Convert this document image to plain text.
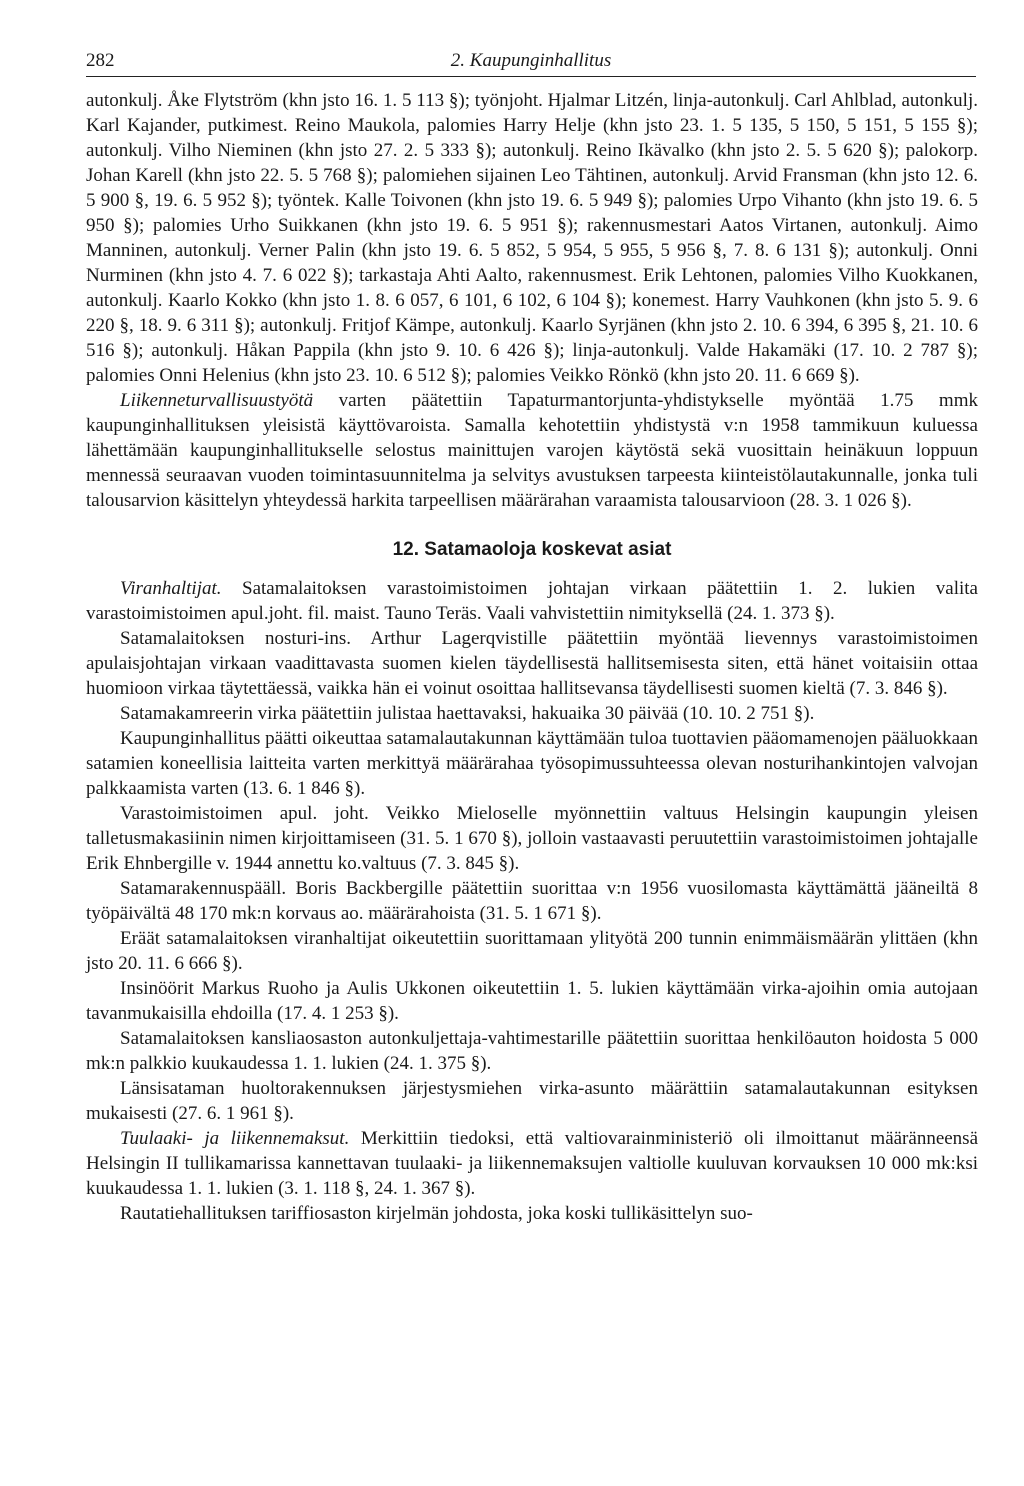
282	2. Kaupunginhallitus

autonkulj. Åke Flytström (khn jsto 16. 1. 5 113 §); työnjoht. Hjalmar Litzén, linja-autonkulj. Carl Ahlblad, autonkulj. Karl Kajander, putkimest. Reino Maukola, palomies Harry Helje (khn jsto 23. 1. 5 135, 5 150, 5 151, 5 155 §); autonkulj. Vilho Nieminen (khn jsto 27. 2. 5 333 §); autonkulj. Reino Ikävalko (khn jsto 2. 5. 5 620 §); palokorp. Johan Karell (khn jsto 22. 5. 5 768 §); palomiehen sijainen Leo Tähtinen, autonkulj. Arvid Fransman (khn jsto 12. 6. 5 900 §, 19. 6. 5 952 §); työntek. Kalle Toivonen (khn jsto 19. 6. 5 949 §); palomies Urpo Vihanto (khn jsto 19. 6. 5 950 §); palomies Urho Suikkanen (khn jsto 19. 6. 5 951 §); rakennusmestari Aatos Virtanen, autonkulj. Aimo Manninen, autonkulj. Verner Palin (khn jsto 19. 6. 5 852, 5 954, 5 955, 5 956 §, 7. 8. 6 131 §); autonkulj. Onni Nurminen (khn jsto 4. 7. 6 022 §); tarkastaja Ahti Aalto, rakennusmest. Erik Lehtonen, palomies Vilho Kuokkanen, autonkulj. Kaarlo Kokko (khn jsto 1. 8. 6 057, 6 101, 6 102, 6 104 §); konemest. Harry Vauhkonen (khn jsto 5. 9. 6 220 §, 18. 9. 6 311 §); autonkulj. Fritjof Kämpe, autonkulj. Kaarlo Syrjänen (khn jsto 2. 10. 6 394, 6 395 §, 21. 10. 6 516 §); autonkulj. Håkan Pappila (khn jsto 9. 10. 6 426 §); linja-autonkulj. Valde Hakamäki (17. 10. 2 787 §); palomies Onni Helenius (khn jsto 23. 10. 6 512 §); palomies Veikko Rönkö (khn jsto 20. 11. 6 669 §).

Liikenneturvallisuustyötä varten päätettiin Tapaturmantorjunta-yhdistykselle myöntää 1.75 mmk kaupunginhallituksen yleisistä käyttövaroista. Samalla kehotettiin yhdistystä v:n 1958 tammikuun kuluessa lähettämään kaupunginhallitukselle selostus mainittujen varojen käytöstä sekä vuosittain heinäkuun loppuun mennessä seuraavan vuoden toimintasuunnitelma ja selvitys avustuksen tarpeesta kiinteistölautakunnalle, jonka tuli talousarvion käsittelyn yhteydessä harkita tarpeellisen määrärahan varaamista talousarvioon (28. 3. 1 026 §).

12. Satamaoloja koskevat asiat

Viranhaltijat. Satamalaitoksen varastoimistoimen johtajan virkaan päätettiin 1. 2. lukien valita varastoimistoimen apul.joht. fil. maist. Tauno Teräs. Vaali vahvistettiin nimityksellä (24. 1. 373 §).

Satamalaitoksen nosturi-ins. Arthur Lagerqvistille päätettiin myöntää lievennys varastoimistoimen apulaisjohtajan virkaan vaadittavasta suomen kielen täydellisestä hallitsemisesta siten, että hänet voitaisiin ottaa huomioon virkaa täytettäessä, vaikka hän ei voinut osoittaa hallitsevansa täydellisesti suomen kieltä (7. 3. 846 §).

Satamakamreerin virka päätettiin julistaa haettavaksi, hakuaika 30 päivää (10. 10. 2 751 §).

Kaupunginhallitus päätti oikeuttaa satamalautakunnan käyttämään tuloa tuottavien pääomamenojen pääluokkaan satamien koneellisia laitteita varten merkittyä määrärahaa työsopimussuhteessa olevan nosturihankintojen valvojan palkkaamista varten (13. 6. 1 846 §).

Varastoimistoimen apul. joht. Veikko Mieloselle myönnettiin valtuus Helsingin kaupungin yleisen talletusmakasiinin nimen kirjoittamiseen (31. 5. 1 670 §), jolloin vastaavasti peruutettiin varastoimistoimen johtajalle Erik Ehnbergille v. 1944 annettu ko.valtuus (7. 3. 845 §).

Satamarakennuspääll. Boris Backbergille päätettiin suorittaa v:n 1956 vuosilomasta käyttämättä jääneiltä 8 työpäivältä 48 170 mk:n korvaus ao. määrärahoista (31. 5. 1 671 §).

Eräät satamalaitoksen viranhaltijat oikeutettiin suorittamaan ylityötä 200 tunnin enimmäismäärän ylittäen (khn jsto 20. 11. 6 666 §).

Insinöörit Markus Ruoho ja Aulis Ukkonen oikeutettiin 1. 5. lukien käyttämään virka-ajoihin omia autojaan tavanmukaisilla ehdoilla (17. 4. 1 253 §).

Satamalaitoksen kansliaosaston autonkuljettaja-vahtimestarille päätettiin suorittaa henkilöauton hoidosta 5 000 mk:n palkkio kuukaudessa 1. 1. lukien (24. 1. 375 §).

Länsisataman huoltorakennuksen järjestysmiehen virka-asunto määrättiin satamalautakunnan esityksen mukaisesti (27. 6. 1 961 §).

Tuulaaki- ja liikennemaksut. Merkittiin tiedoksi, että valtiovarainministeriö oli ilmoittanut määränneensä Helsingin II tullikamarissa kannettavan tuulaaki- ja liikennemaksujen valtiolle kuuluvan korvauksen 10 000 mk:ksi kuukaudessa 1. 1. lukien (3. 1. 118 §, 24. 1. 367 §).

Rautatiehallituksen tariffiosaston kirjelmän johdosta, joka koski tullikäsittelyn suo-
